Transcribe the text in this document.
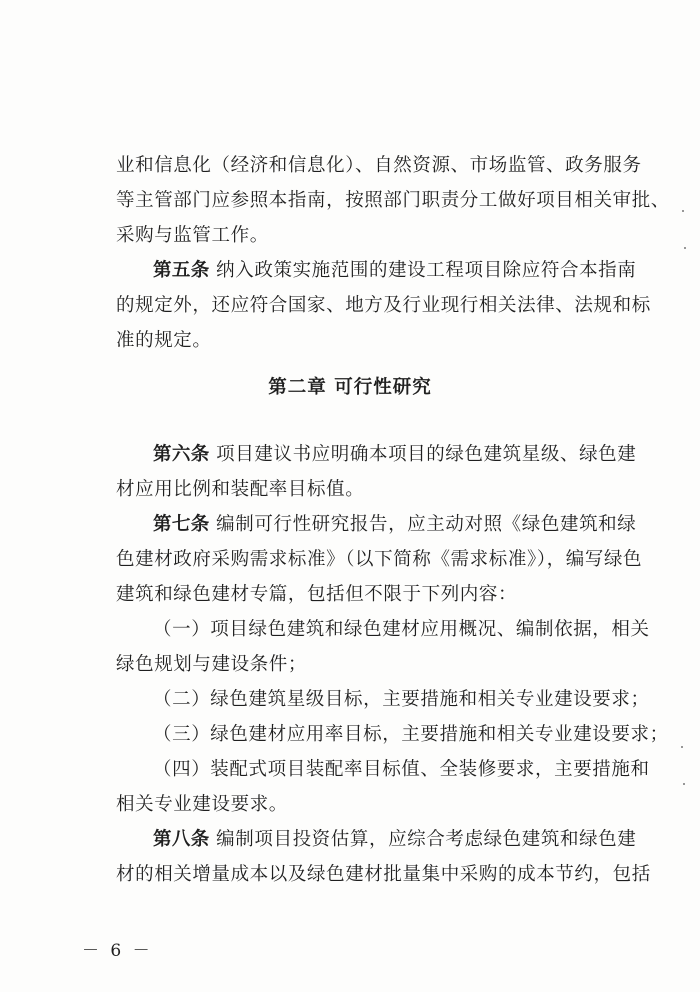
业和信息化（经济和信息化）、自然资源、市场监管、政务服务
等主管部门应参照本指南，按照部门职责分工做好项目相关审批、
采购与监管工作。
第五条 纳入政策实施范围的建设工程项目除应符合本指南
的规定外，还应符合国家、地方及行业现行相关法律、法规和标
准的规定。
第二章 可行性研究
第六条 项目建议书应明确本项目的绿色建筑星级、绿色建
材应用比例和装配率目标值。
第七条 编制可行性研究报告，应主动对照《绿色建筑和绿
色建材政府采购需求标准》（以下简称《需求标准》），编写绿色
建筑和绿色建材专篇，包括但不限于下列内容：
（一）项目绿色建筑和绿色建材应用概况、编制依据，相关
绿色规划与建设条件；
（二）绿色建筑星级目标，主要措施和相关专业建设要求；
（三）绿色建材应用率目标，主要措施和相关专业建设要求；
（四）装配式项目装配率目标值、全装修要求，主要措施和
相关专业建设要求。
第八条 编制项目投资估算，应综合考虑绿色建筑和绿色建
材的相关增量成本以及绿色建材批量集中采购的成本节约，包括
－ 6 －
